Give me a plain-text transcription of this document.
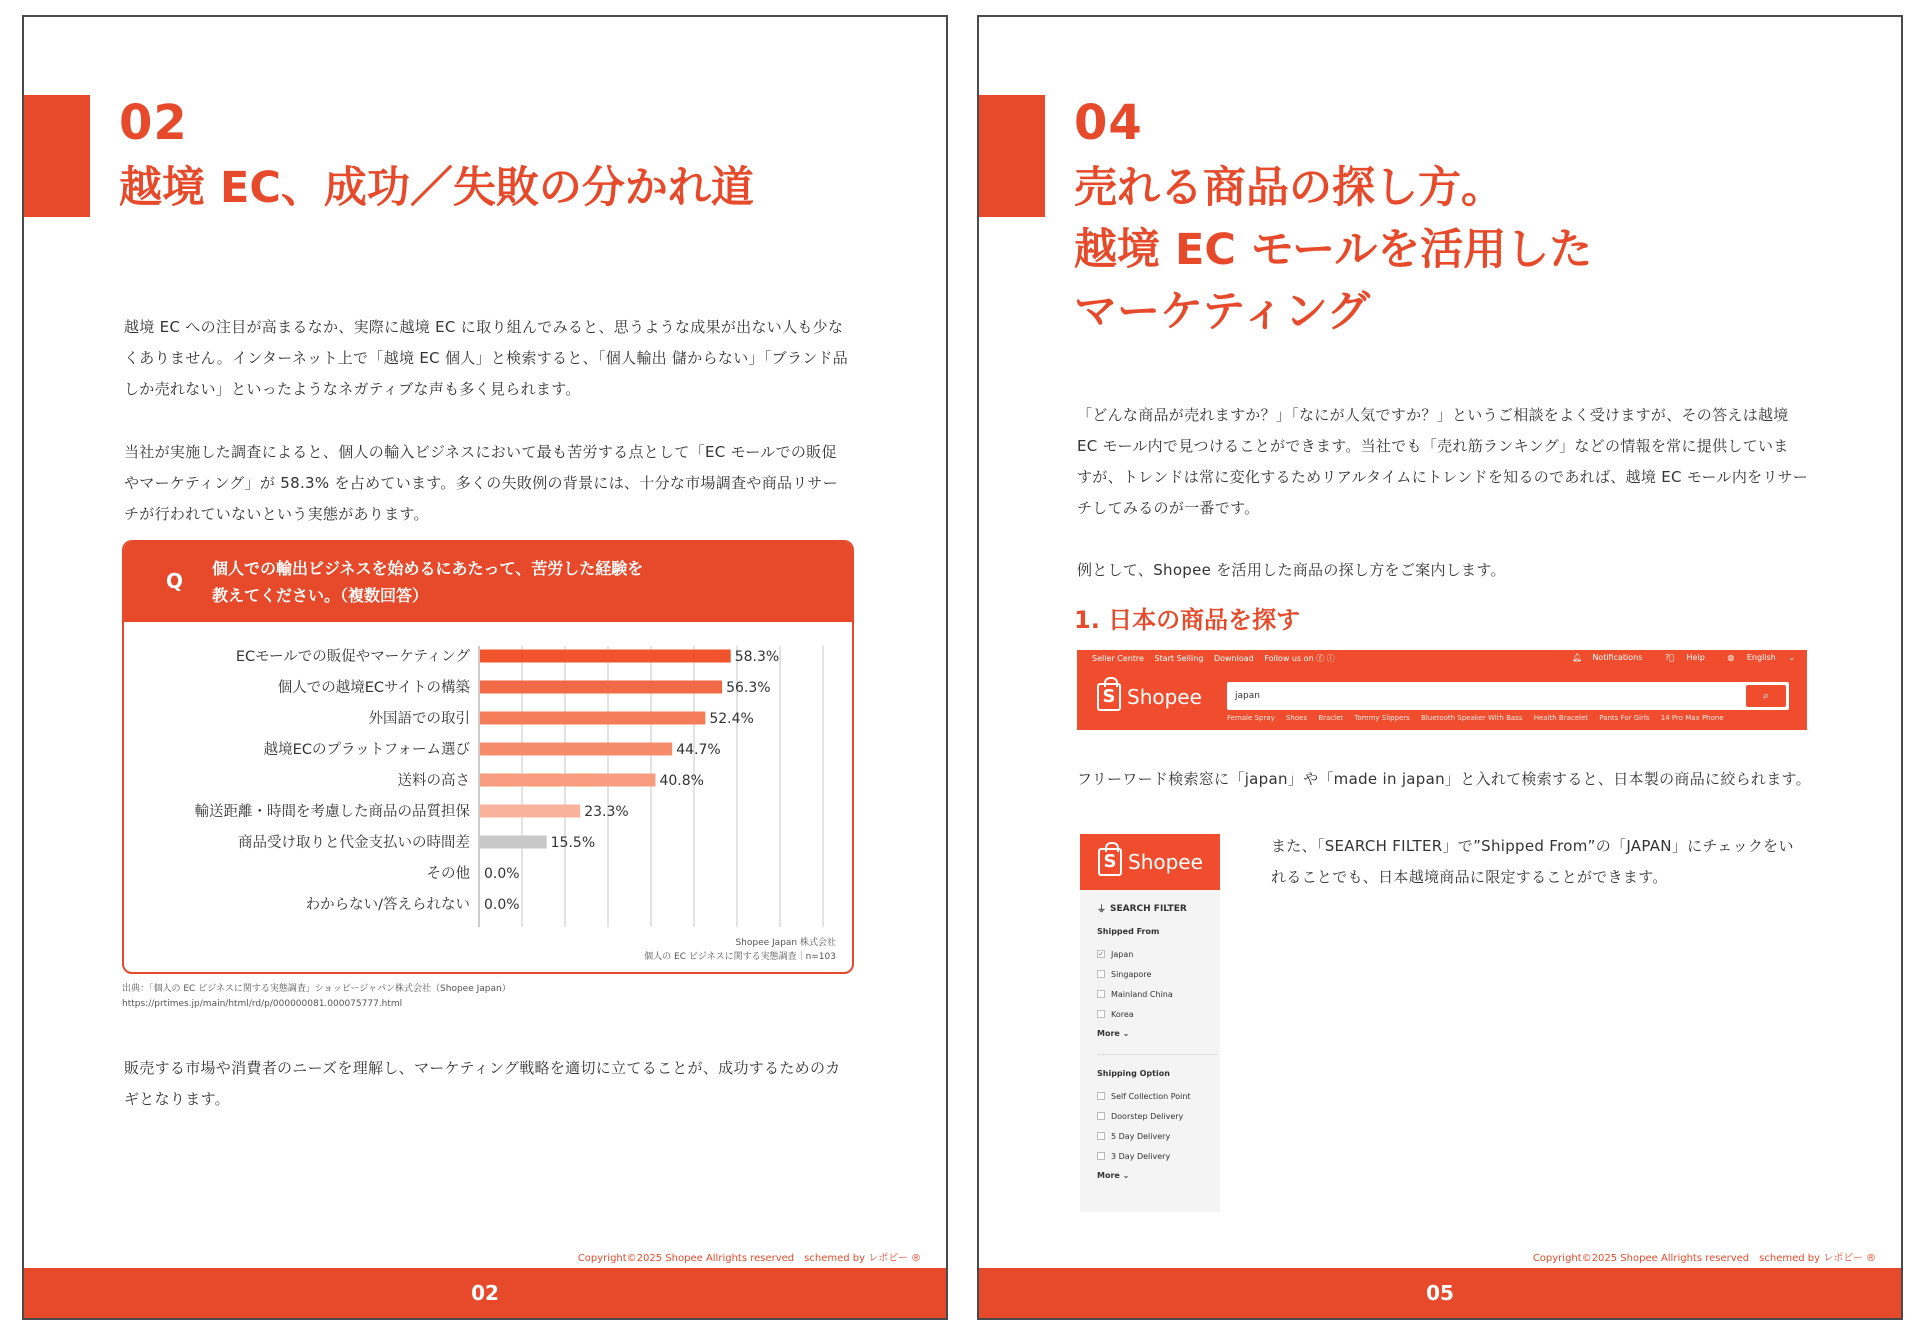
02
越境 EC、成功／失敗の分かれ道
越境 EC への注目が高まるなか、実際に越境 EC に取り組んでみると、思うような成果が出ない人も少な
くありません。インターネット上で「越境 EC 個人」と検索すると、「個人輸出 儲からない」「ブランド品
しか売れない」といったようなネガティブな声も多く見られます。
当社が実施した調査によると、個人の輸入ビジネスにおいて最も苦労する点として「EC モールでの販促
やマーケティング」が 58.3% を占めています。多くの失敗例の背景には、十分な市場調査や商品リサー
チが行われていないという実態があります。
Q
個人での輸出ビジネスを始めるにあたって、苦労した経験を
教えてください。（複数回答）
ECモールでの販促やマーケティング	58.3%
個人での越境ECサイトの構築	56.3%
外国語での取引	52.4%
越境ECのプラットフォーム選び	44.7%
送料の高さ	40.8%
輸送距離・時間を考慮した商品の品質担保	23.3%
商品受け取りと代金支払いの時間差	15.5%
その他 0.0%
わからない/答えられない 0.0%
Shopee Japan 株式会社
個人の EC ビジネスに関する実態調査｜n=103
出典：「個人の EC ビジネスに関する実態調査」ショッピージャパン株式会社（Shopee Japan）
https://prtimes.jp/main/html/rd/p/000000081.000075777.html
販売する市場や消費者のニーズを理解し、マーケティング戦略を適切に立てることが、成功するためのカ
ギとなります。
Copyright©2025 Shopee Allrights reserved　schemed by レポピー ®
02
04
売れる商品の探し方。
越境 EC モールを活用した
マーケティング
「どんな商品が売れますか？」「なにが人気ですか？」というご相談をよく受けますが、その答えは越境
EC モール内で見つけることができます。当社でも「売れ筋ランキング」などの情報を常に提供していま
すが、トレンドは常に変化するためリアルタイムにトレンドを知るのであれば、越境 EC モール内をリサー
チしてみるのが一番です。
例として、Shopee を活用した商品の探し方をご案内します。
1. 日本の商品を探す
Seller Centre Start Selling Download Follow us on ⓕ ⓘ	🔔︎ Notifications	?⃝ Help	◍ English ⌄
S Shopee	japan	⌕
Female Spray Shoes Braclet Tommy Slippers Bluetooth Speaker With Bass Health Bracelet Pants For Girls 14 Pro Max Phone
フリーワード検索窓に「japan」や「made in japan」と入れて検索すると、日本製の商品に絞られます。
S Shopee
⏚ SEARCH FILTER
Shipped From
✓ Japan
Singapore
Mainland China
Korea
More ⌄
Shipping Option
Self Collection Point
Doorstep Delivery
5 Day Delivery
3 Day Delivery
More ⌄
また、「SEARCH FILTER」で”Shipped From”の「JAPAN」にチェックをい
れることでも、日本越境商品に限定することができます。
Copyright©2025 Shopee Allrights reserved　schemed by レポピー ®
05
